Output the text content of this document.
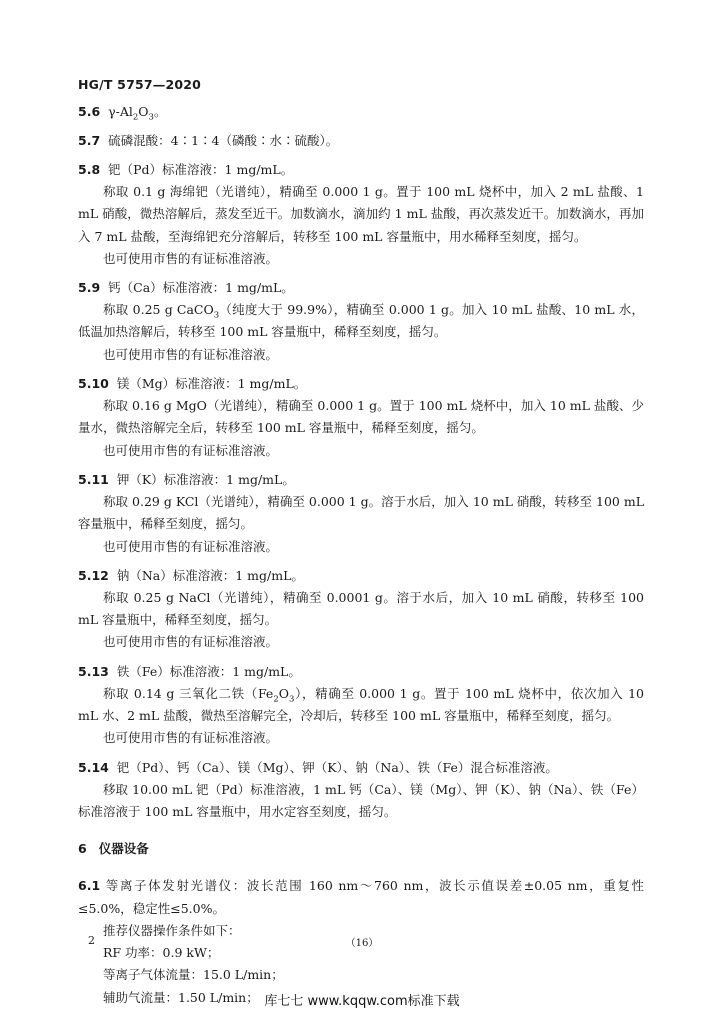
HG/T 5757—2020
5.6 $\gamma-Al_2O_3$。
5.7 硫磷混酸：4∶1∶4（磷酸∶水∶硫酸）。
5.8 钯（Pd）标准溶液：1 mg/mL。

称取 0.1 g 海绵钯（光谱纯），精确至 0.000 1 g。置于 100 mL 烧杯中，加入 2 mL 盐酸、1 mL 硝酸，微热溶解后，蒸发至近干。加数滴水，滴加约 1 mL 盐酸，再次蒸发近干。加数滴水，再加入 7 mL 盐酸，至海绵钯充分溶解后，转移至 100 mL 容量瓶中，用水稀释至刻度，摇匀。

也可使用市售的有证标准溶液。

5.9 钙（Ca）标准溶液：1 mg/mL。

称取 0.25 g CaCO$_3$（纯度大于 99.9%），精确至 0.000 1 g。加入 10 mL 盐酸、10 mL 水，低温加热溶解后，转移至 100 mL 容量瓶中，稀释至刻度，摇匀。

也可使用市售的有证标准溶液。

5.10 镁（Mg）标准溶液：1 mg/mL。

称取 0.16 g MgO（光谱纯），精确至 0.000 1 g。置于 100 mL 烧杯中，加入 10 mL 盐酸、少量水，微热溶解完全后，转移至 100 mL 容量瓶中，稀释至刻度，摇匀。

也可使用市售的有证标准溶液。

5.11 钾（K）标准溶液：1 mg/mL。

称取 0.29 g KCl（光谱纯），精确至 0.000 1 g。溶于水后，加入 10 mL 硝酸，转移至 100 mL 容量瓶中，稀释至刻度，摇匀。

也可使用市售的有证标准溶液。

5.12 钠（Na）标准溶液：1 mg/mL。

称取 0.25 g NaCl（光谱纯），精确至 0.0001 g。溶于水后，加入 10 mL 硝酸，转移至 100 mL 容量瓶中，稀释至刻度，摇匀。

也可使用市售的有证标准溶液。

5.13 铁（Fe）标准溶液：1 mg/mL。

称取 0.14 g 三氧化二铁$(Fe_2O_3)$，精确至 0.000 1 g。置于 100 mL 烧杯中，依次加入 10 mL 水、2 mL 盐酸，微热至溶解完全，冷却后，转移至 100 mL 容量瓶中，稀释至刻度，摇匀。

也可使用市售的有证标准溶液。

5.14 钯（Pd）、钙（Ca）、镁（Mg）、钾（K）、钠（Na）、铁（Fe）混合标准溶液。

移取 10.00 mL 钯（Pd）标准溶液，1 mL 钙（Ca）、镁（Mg）、钾（K）、钠（Na）、铁（Fe）标准溶液于 100 mL 容量瓶中，用水定容至刻度，摇匀。

6 仪器设备

6.1 等离子体发射光谱仪：波长范围 160 nm～760 nm，波长示值误差±0.05 nm，重复性≤5.0%，稳定性≤5.0%。

推荐仪器操作条件如下：

RF 功率：0.9 kW；

等离子气体流量：15.0 L/min；

辅助气流量：1.50 L/min；

2	（16）
库七七 www.kqqw.com标准下载
